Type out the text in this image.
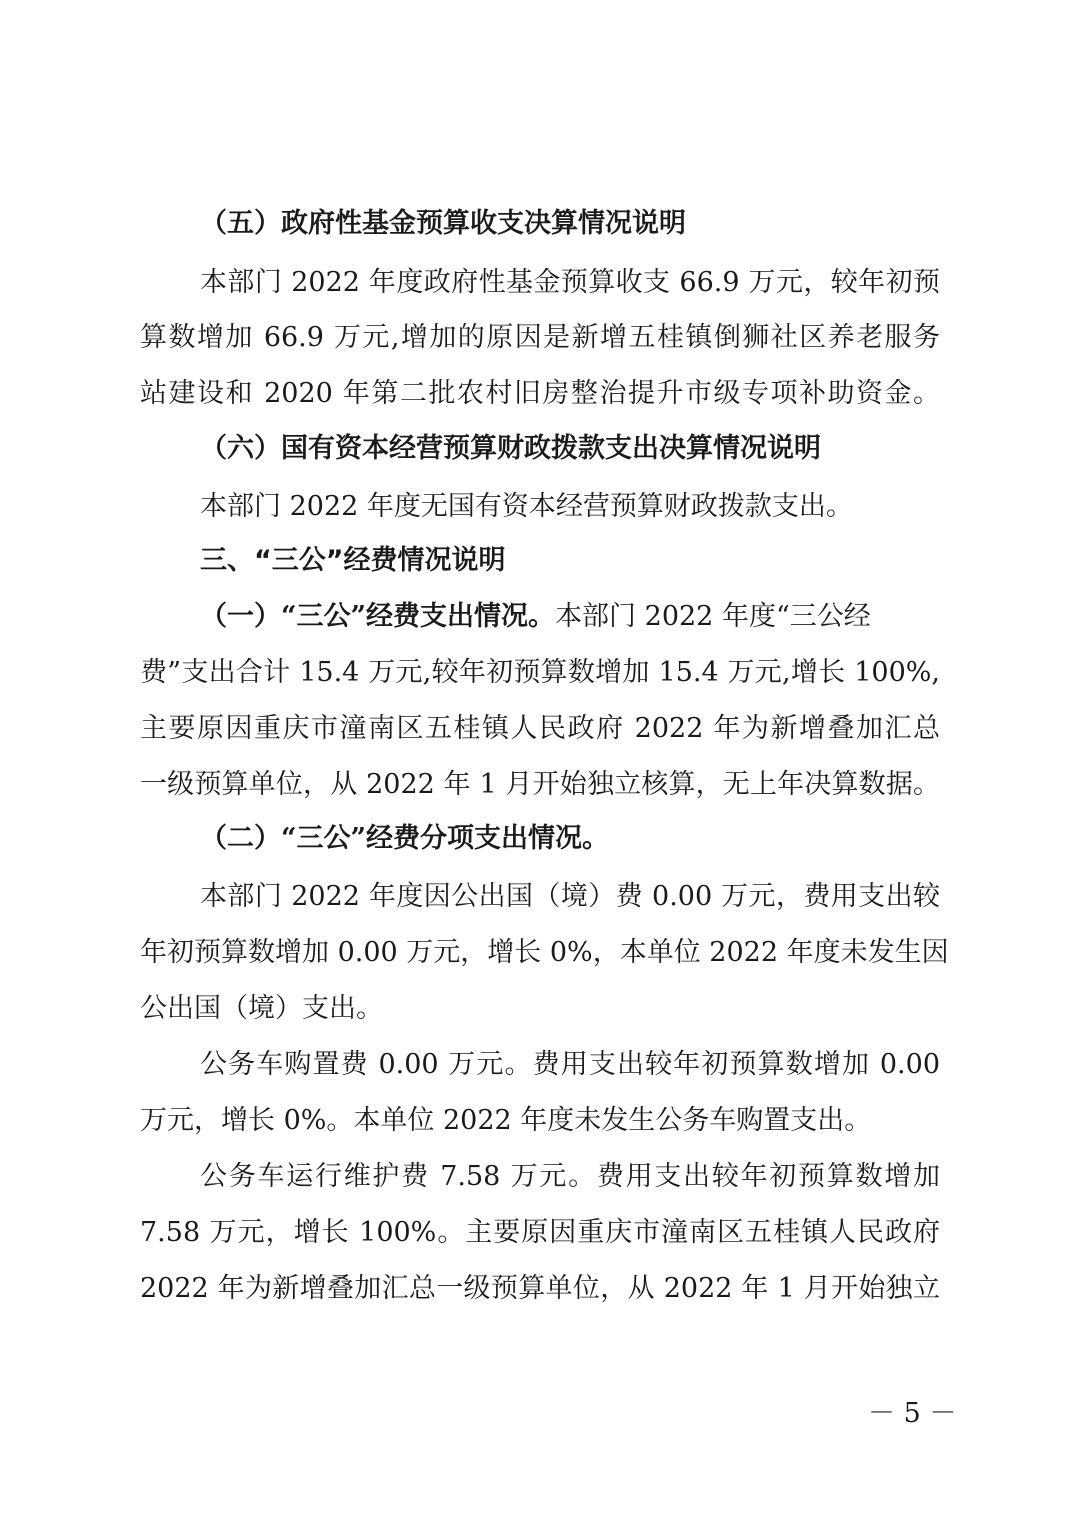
（五）政府性基金预算收支决算情况说明
本部门 2022 年度政府性基金预算收支 66.9 万元，较年初预
算数增加 66.9 万元,增加的原因是新增五桂镇倒狮社区养老服务
站建设和 2020 年第二批农村旧房整治提升市级专项补助资金。
（六）国有资本经营预算财政拨款支出决算情况说明
本部门 2022 年度无国有资本经营预算财政拨款支出。
三、“三公”经费情况说明
（一）“三公”经费支出情况。本部门 2022 年度“三公经
费”支出合计 15.4 万元,较年初预算数增加 15.4 万元,增长 100%,
主要原因重庆市潼南区五桂镇人民政府 2022 年为新增叠加汇总
一级预算单位，从 2022 年 1 月开始独立核算，无上年决算数据。
（二）“三公”经费分项支出情况。
本部门 2022 年度因公出国（境）费 0.00 万元，费用支出较
年初预算数增加 0.00 万元，增长 0%，本单位 2022 年度未发生因
公出国（境）支出。
公务车购置费 0.00 万元。费用支出较年初预算数增加 0.00
万元，增长 0%。本单位 2022 年度未发生公务车购置支出。
公务车运行维护费 7.58 万元。费用支出较年初预算数增加
7.58 万元，增长 100%。主要原因重庆市潼南区五桂镇人民政府
2022 年为新增叠加汇总一级预算单位，从 2022 年 1 月开始独立
－ 5 －
